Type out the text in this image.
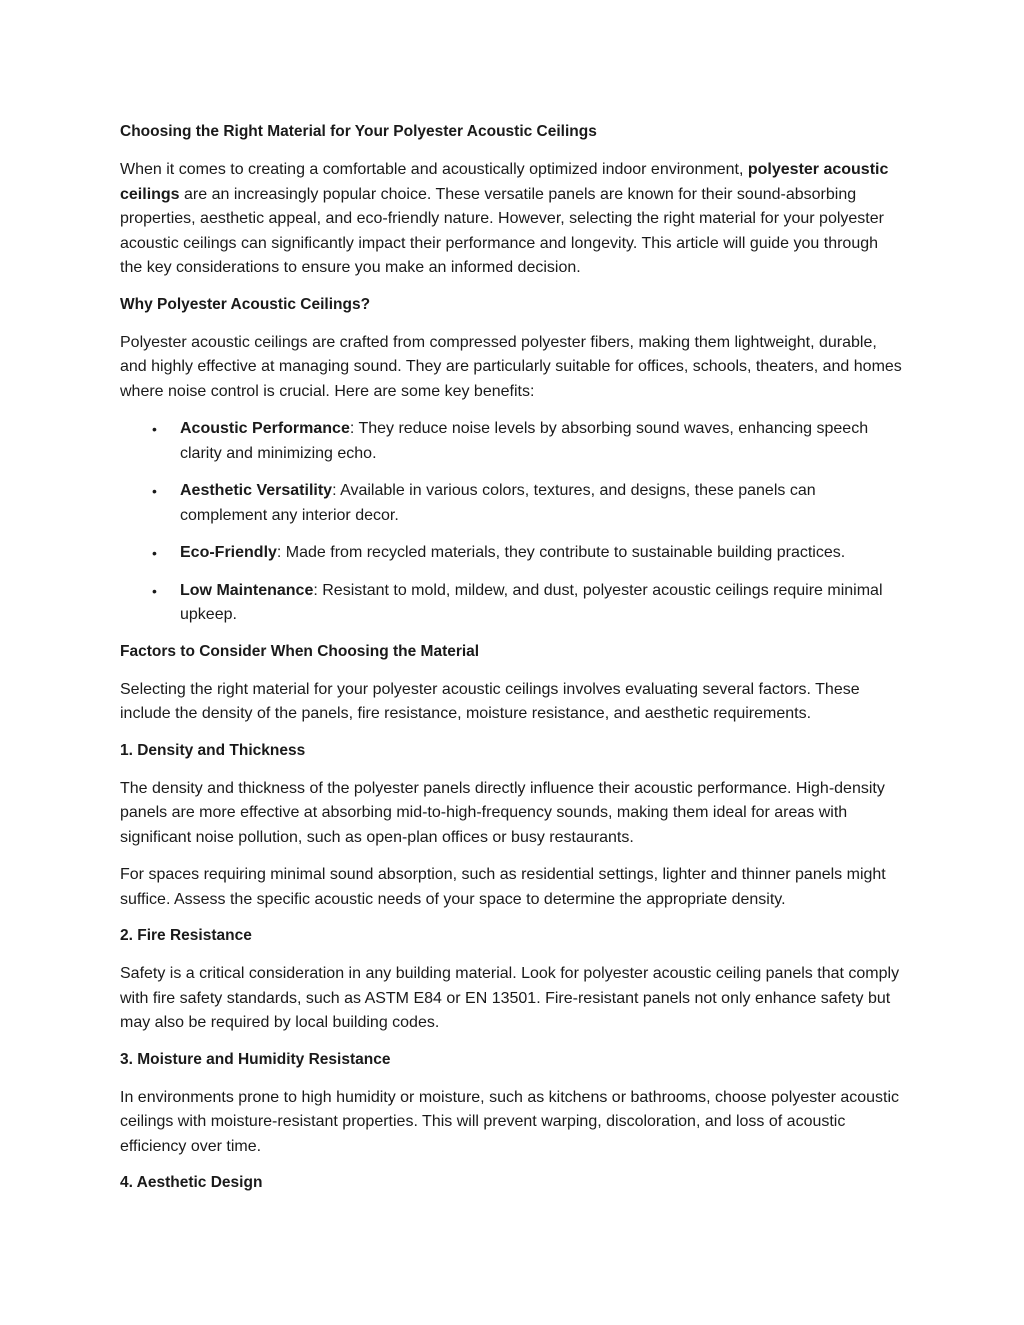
Choosing the Right Material for Your Polyester Acoustic Ceilings

When it comes to creating a comfortable and acoustically optimized indoor environment, polyester acoustic ceilings are an increasingly popular choice. These versatile panels are known for their sound-absorbing properties, aesthetic appeal, and eco-friendly nature. However, selecting the right material for your polyester acoustic ceilings can significantly impact their performance and longevity. This article will guide you through the key considerations to ensure you make an informed decision.

Why Polyester Acoustic Ceilings?

Polyester acoustic ceilings are crafted from compressed polyester fibers, making them lightweight, durable, and highly effective at managing sound. They are particularly suitable for offices, schools, theaters, and homes where noise control is crucial. Here are some key benefits:

• Acoustic Performance: They reduce noise levels by absorbing sound waves, enhancing speech clarity and minimizing echo.
• Aesthetic Versatility: Available in various colors, textures, and designs, these panels can complement any interior decor.
• Eco-Friendly: Made from recycled materials, they contribute to sustainable building practices.
• Low Maintenance: Resistant to mold, mildew, and dust, polyester acoustic ceilings require minimal upkeep.
Factors to Consider When Choosing the Material

Selecting the right material for your polyester acoustic ceilings involves evaluating several factors. These include the density of the panels, fire resistance, moisture resistance, and aesthetic requirements.

1. Density and Thickness

The density and thickness of the polyester panels directly influence their acoustic performance. High-density panels are more effective at absorbing mid-to-high-frequency sounds, making them ideal for areas with significant noise pollution, such as open-plan offices or busy restaurants.

For spaces requiring minimal sound absorption, such as residential settings, lighter and thinner panels might suffice. Assess the specific acoustic needs of your space to determine the appropriate density.

2. Fire Resistance

Safety is a critical consideration in any building material. Look for polyester acoustic ceiling panels that comply with fire safety standards, such as ASTM E84 or EN 13501. Fire-resistant panels not only enhance safety but may also be required by local building codes.

3. Moisture and Humidity Resistance

In environments prone to high humidity or moisture, such as kitchens or bathrooms, choose polyester acoustic ceilings with moisture-resistant properties. This will prevent warping, discoloration, and loss of acoustic efficiency over time.

4. Aesthetic Design
